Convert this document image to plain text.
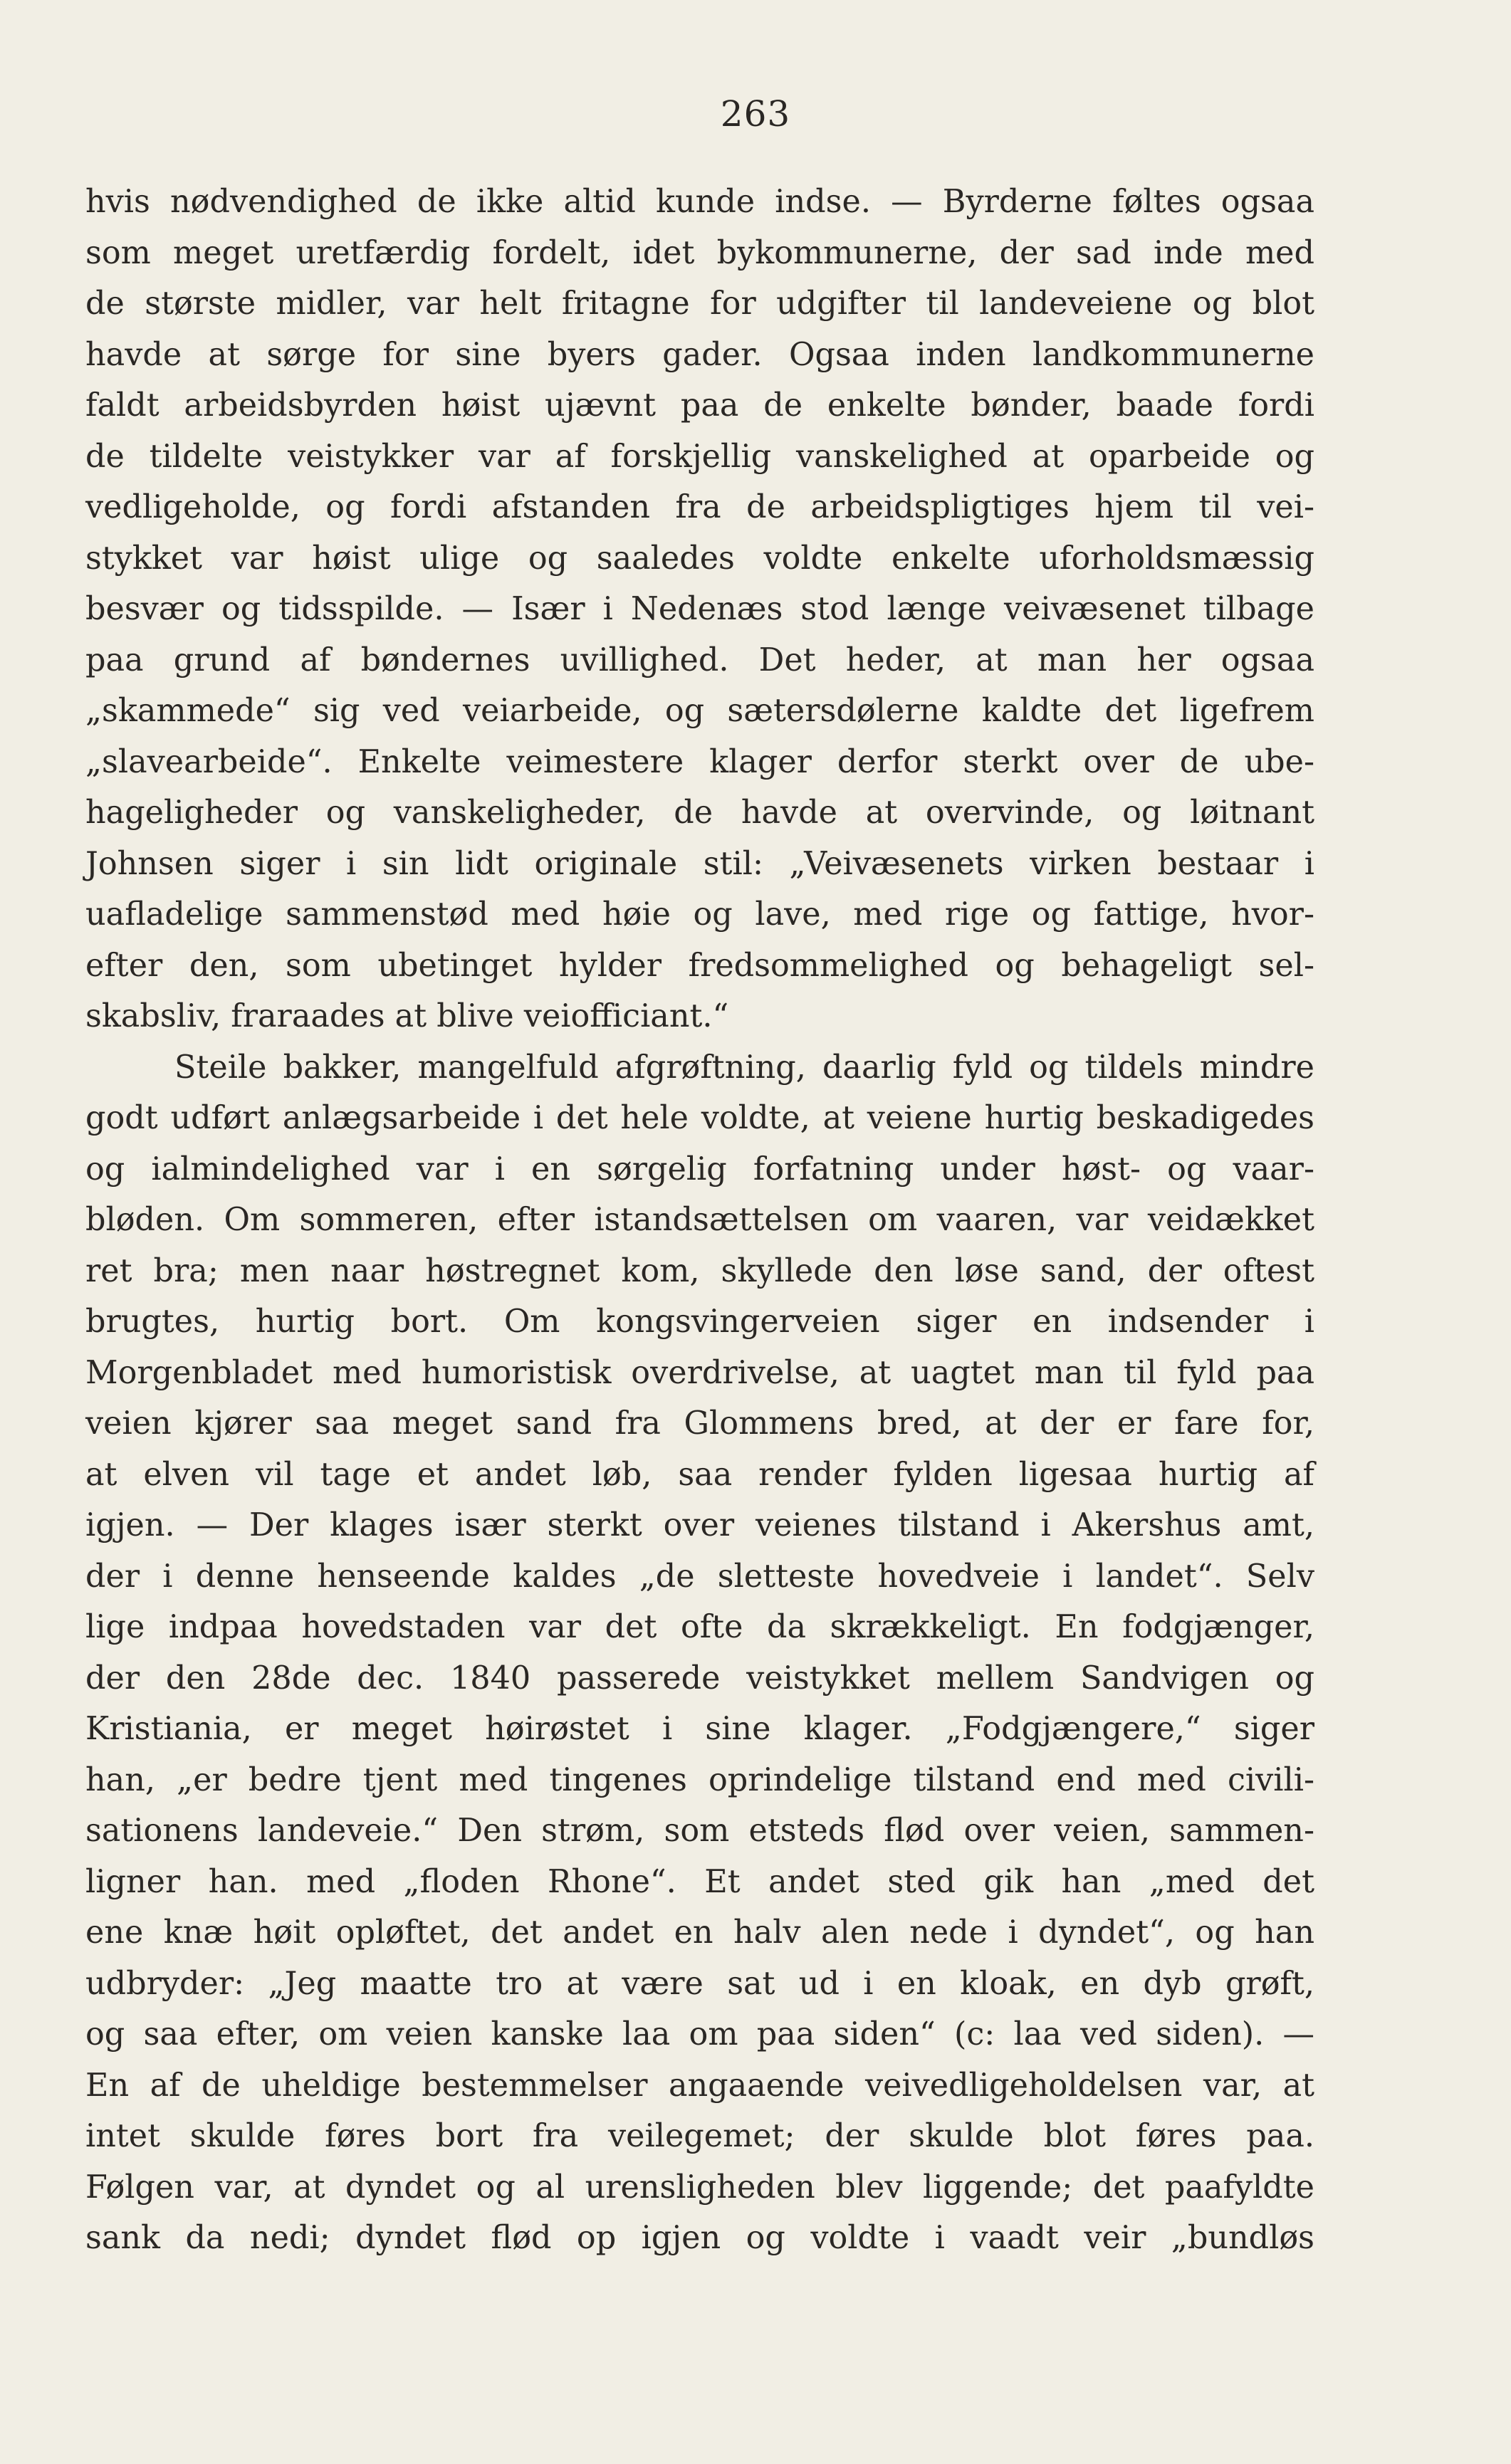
263
hvis nødvendighed de ikke altid kunde indse. — Byrderne føltes ogsaa
som meget uretfærdig fordelt, idet bykommunerne, der sad inde med
de største midler, var helt fritagne for udgifter til landeveiene og blot
havde at sørge for sine byers gader. Ogsaa inden landkommunerne
faldt arbeidsbyrden høist ujævnt paa de enkelte bønder, baade fordi
de tildelte veistykker var af forskjellig vanskelighed at oparbeide og
vedligeholde, og fordi afstanden fra de arbeidspligtiges hjem til vei-
stykket var høist ulige og saaledes voldte enkelte uforholdsmæssig
besvær og tidsspilde. — Især i Nedenæs stod længe veivæsenet tilbage
paa grund af bøndernes uvillighed. Det heder, at man her ogsaa
„skammede“ sig ved veiarbeide, og sætersdølerne kaldte det ligefrem
„slavearbeide“. Enkelte veimestere klager derfor sterkt over de ube-
hageligheder og vanskeligheder, de havde at overvinde, og løitnant
Johnsen siger i sin lidt originale stil: „Veivæsenets virken bestaar i
uafladelige sammenstød med høie og lave, med rige og fattige, hvor-
efter den, som ubetinget hylder fredsommelighed og behageligt sel-
skabsliv, fraraades at blive veiofficiant.“
Steile bakker, mangelfuld afgrøftning, daarlig fyld og tildels mindre
godt udført anlægsarbeide i det hele voldte, at veiene hurtig beskadigedes
og ialmindelighed var i en sørgelig forfatning under høst- og vaar-
bløden. Om sommeren, efter istandsættelsen om vaaren, var veidækket
ret bra; men naar høstregnet kom, skyllede den løse sand, der oftest
brugtes, hurtig bort. Om kongsvingerveien siger en indsender i
Morgenbladet med humoristisk overdrivelse, at uagtet man til fyld paa
veien kjører saa meget sand fra Glommens bred, at der er fare for,
at elven vil tage et andet løb, saa render fylden ligesaa hurtig af
igjen. — Der klages især sterkt over veienes tilstand i Akershus amt,
der i denne henseende kaldes „de sletteste hovedveie i landet“. Selv
lige indpaa hovedstaden var det ofte da skrækkeligt. En fodgjænger,
der den 28de dec. 1840 passerede veistykket mellem Sandvigen og
Kristiania, er meget høirøstet i sine klager. „Fodgjængere,“ siger
han, „er bedre tjent med tingenes oprindelige tilstand end med civili-
sationens landeveie.“ Den strøm, som etsteds flød over veien, sammen-
ligner han. med „floden Rhone“. Et andet sted gik han „med det
ene knæ høit opløftet, det andet en halv alen nede i dyndet“, og han
udbryder: „Jeg maatte tro at være sat ud i en kloak, en dyb grøft,
og saa efter, om veien kanske laa om paa siden“ (c: laa ved siden). —
En af de uheldige bestemmelser angaaende veivedligeholdelsen var, at
intet skulde føres bort fra veilegemet; der skulde blot føres paa.
Følgen var, at dyndet og al urensligheden blev liggende; det paafyldte
sank da nedi; dyndet flød op igjen og voldte i vaadt veir „bundløs
